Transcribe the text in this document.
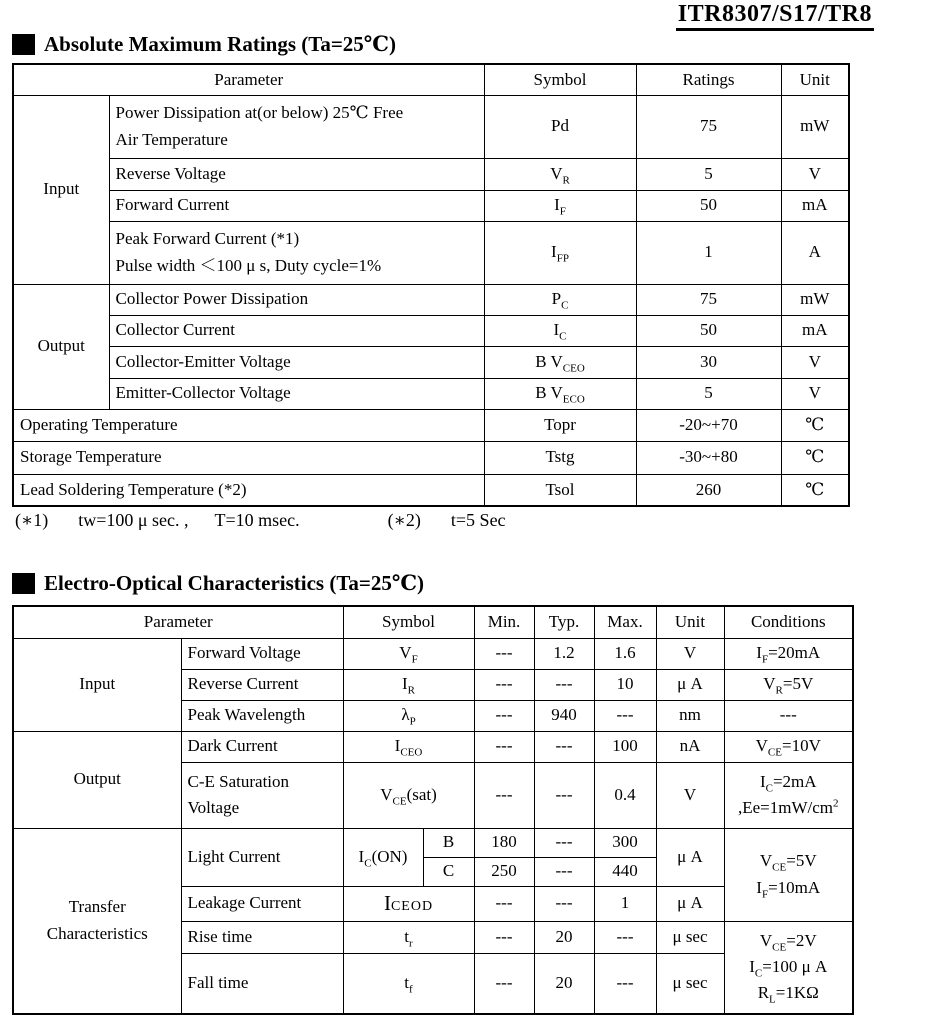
ITR8307/S17/TR8
Absolute Maximum Ratings (Ta=25℃)
Parameter		Symbol	Ratings	Unit
Input	Power Dissipation at(or below) 25℃ Free
Air Temperature	Pd	75	mW
	Reverse Voltage	$V_R$	5	V
	Forward Current	$I_F$	50	mA
	Peak Forward Current (*1)
Pulse width ＜100 μ s, Duty cycle=1%	$I_{FP}$	1	A
Output	Collector Power Dissipation	$P_C$	75	mW
	Collector Current	$I_C$	50	mA
	Collector-Emitter Voltage	B $V_{CEO}$	30	V
	Emitter-Collector Voltage	B $V_{ECO}$	5	V
Operating Temperature		Topr	-20~+70	℃
Storage Temperature		Tstg	-30~+80	℃
Lead Soldering Temperature (*2)		Tsol	260	℃
(∗1) tw=100 μ sec. , T=10 msec.	(∗2) t=5 Sec
Electro-Optical Characteristics (Ta=25℃)
Parameter		Symbol		Min.	Typ.	Max.	Unit	Conditions
Input	Forward Voltage	$V_F$		---	1.2	1.6	V	$I_F=20mA$
	Reverse Current	$I_R$		---	---	10	μ A	$V_R=5V$
	Peak Wavelength	$\lambda_P$		---	940	---	nm	---
Output	Dark Current	$I_{CEO}$		---	---	100	nA	$V_{CE}=10V$
	C-E Saturation Voltage	$V_{CE}(sat)$		---	---	0.4	V	$I_C=2mA$
$,Ee=1mW/cm^2$

Transfer
Characteristics	Light Current	$I_C(ON)$	B	180	---	300	μ A	$V_{CE}=5V$
$I_F=10mA$

			C	250	---	440		
	Leakage Current	ICEOD		---	---	1	μ A	
	Rise time	$t_r$		---	20	---	μ sec	$V_{CE}=2V$
$I_C=100$ μ A
$R_L=1K\Omega$

	Fall time	$t_f$		---	20	---	μ sec	
